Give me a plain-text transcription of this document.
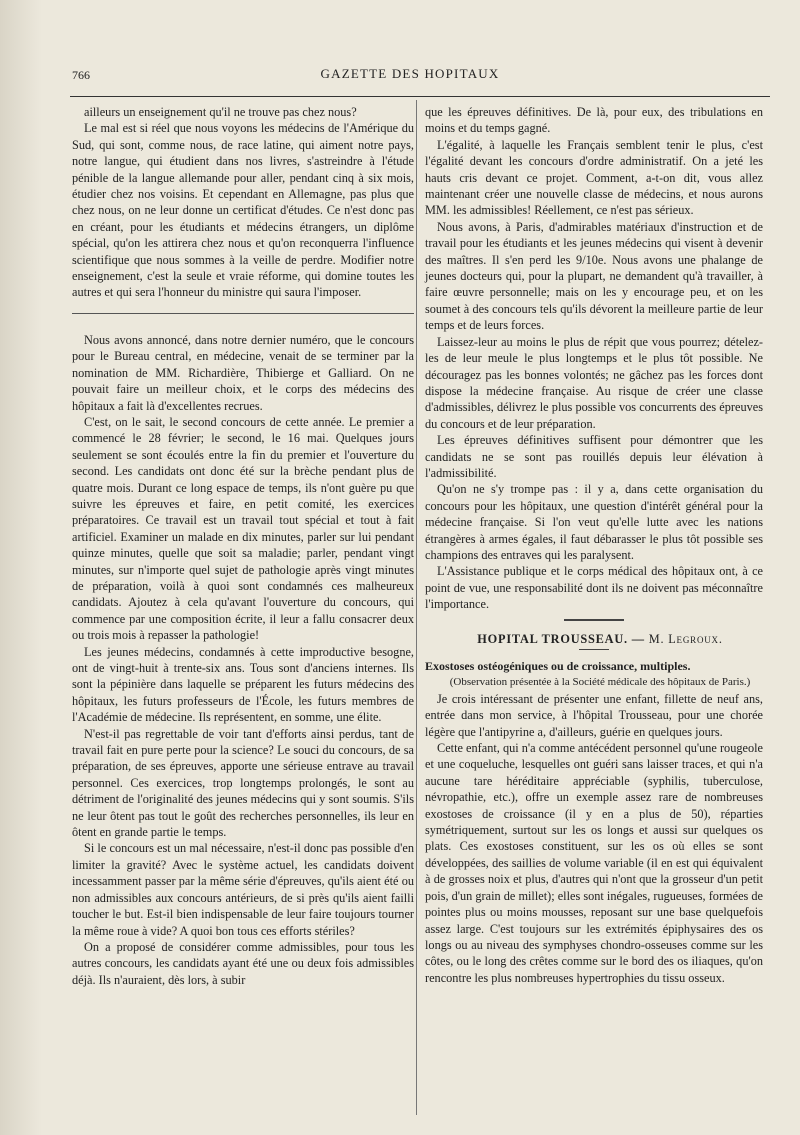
766	GAZETTE DES HOPITAUX

ailleurs un enseignement qu'il ne trouve pas chez nous?

Le mal est si réel que nous voyons les médecins de l'Amérique du Sud, qui sont, comme nous, de race latine, qui aiment notre pays, notre langue, qui étudient dans nos livres, s'astreindre à l'étude pénible de la langue allemande pour aller, pendant cinq à six mois, étudier chez nos voisins. Et cependant en Allemagne, pas plus que chez nous, on ne leur donne un certificat d'études. Ce n'est donc pas en créant, pour les étudiants et médecins étrangers, un diplôme spécial, qu'on les attirera chez nous et qu'on reconquerra l'influence scientifique que nous sommes à la veille de perdre. Modifier notre enseignement, c'est la seule et vraie réforme, qui domine toutes les autres et qui sera l'honneur du ministre qui saura l'imposer.

Nous avons annoncé, dans notre dernier numéro, que le concours pour le Bureau central, en médecine, venait de se terminer par la nomination de MM. Richardière, Thibierge et Galliard. On ne pouvait faire un meilleur choix, et le corps des médecins des hôpitaux a fait là d'excellentes recrues.

C'est, on le sait, le second concours de cette année. Le premier a commencé le 28 février; le second, le 16 mai. Quelques jours seulement se sont écoulés entre la fin du premier et l'ouverture du second. Les candidats ont donc été sur la brèche pendant plus de quatre mois. Durant ce long espace de temps, ils n'ont guère pu que suivre les épreuves et faire, en petit comité, les exercices préparatoires. Ce travail est un travail tout spécial et tout à fait artificiel. Examiner un malade en dix minutes, parler sur lui pendant quinze minutes, quelle que soit sa maladie; parler, pendant vingt minutes, sur n'importe quel sujet de pathologie après vingt minutes de préparation, voilà à quoi sont condamnés ces malheureux candidats. Ajoutez à cela qu'avant l'ouverture du concours, qui commence par une composition écrite, il leur a fallu consacrer deux ou trois mois à repasser la pathologie!

Les jeunes médecins, condamnés à cette improductive besogne, ont de vingt-huit à trente-six ans. Tous sont d'anciens internes. Ils sont la pépinière dans laquelle se préparent les futurs médecins des hôpitaux, les futurs professeurs de l'École, les futurs membres de l'Académie de médecine. Ils représentent, en somme, une élite.

N'est-il pas regrettable de voir tant d'efforts ainsi perdus, tant de travail fait en pure perte pour la science? Le souci du concours, de sa préparation, de ses épreuves, apporte une sérieuse entrave au travail personnel. Ces exercices, trop longtemps prolongés, le sont au détriment de l'originalité des jeunes médecins qui y sont soumis. S'ils ne leur ôtent pas tout le goût des recherches personnelles, ils leur en ôtent en grande partie le temps.

Si le concours est un mal nécessaire, n'est-il donc pas possible d'en limiter la gravité? Avec le système actuel, les candidats doivent incessamment passer par la même série d'épreuves, qu'ils aient été ou non admissibles aux concours antérieurs, de si près qu'ils aient failli toucher le but. Est-il bien indispensable de leur faire toujours tourner la même roue à vide? A quoi bon tous ces efforts stériles?

On a proposé de considérer comme admissibles, pour tous les autres concours, les candidats ayant été une ou deux fois admissibles déjà. Ils n'auraient, dès lors, à subir

que les épreuves définitives. De là, pour eux, des tribulations en moins et du temps gagné.

L'égalité, à laquelle les Français semblent tenir le plus, c'est l'égalité devant les concours d'ordre administratif. On a jeté les hauts cris devant ce projet. Comment, a-t-on dit, vous allez maintenant créer une nouvelle classe de médecins, et nous aurons MM. les admissibles! Réellement, ce n'est pas sérieux.

Nous avons, à Paris, d'admirables matériaux d'instruction et de travail pour les étudiants et les jeunes médecins qui visent à devenir des maîtres. Il s'en perd les 9/10e. Nous avons une phalange de jeunes docteurs qui, pour la plupart, ne demandent qu'à travailler, à faire œuvre personnelle; mais on les y encourage peu, et on les soumet à des concours tels qu'ils dévorent la meilleure partie de leur temps et de leurs forces.

Laissez-leur au moins le plus de répit que vous pourrez; dételez-les de leur meule le plus longtemps et le plus tôt possible. Ne découragez pas les bonnes volontés; ne gâchez pas les forces dont dispose la médecine française. Au risque de créer une classe d'admissibles, délivrez le plus possible vos concurrents des épreuves du concours et de leur préparation.

Les épreuves définitives suffisent pour démontrer que les candidats ne se sont pas rouillés depuis leur élévation à l'admissibilité.

Qu'on ne s'y trompe pas : il y a, dans cette organisation du concours pour les hôpitaux, une question d'intérêt général pour la médecine française. Si l'on veut qu'elle lutte avec les nations étrangères à armes égales, il faut débarasser le plus tôt possible ses champions des entraves qui les paralysent.

L'Assistance publique et le corps médical des hôpitaux ont, à ce point de vue, une responsabilité dont ils ne doivent pas méconnaître l'importance.

HOPITAL TROUSSEAU. — M. Legroux.

Exostoses ostéogéniques ou de croissance, multiples.

(Observation présentée à la Société médicale des hôpitaux de Paris.)

Je crois intéressant de présenter une enfant, fillette de neuf ans, entrée dans mon service, à l'hôpital Trousseau, pour une chorée légère que l'antipyrine a, d'ailleurs, guérie en quelques jours.

Cette enfant, qui n'a comme antécédent personnel qu'une rougeole et une coqueluche, lesquelles ont guéri sans laisser traces, et qui n'a aucune tare héréditaire appréciable (syphilis, tuberculose, névropathie, etc.), offre un exemple assez rare de nombreuses exostoses de croissance (il y en a plus de 50), réparties symétriquement, surtout sur les os longs et aussi sur quelques os plats. Ces exostoses constituent, sur les os où elles se sont développées, des saillies de volume variable (il en est qui équivalent à de grosses noix et plus, d'autres qui n'ont que la grosseur d'un petit pois, d'un grain de millet); elles sont inégales, rugueuses, formées de pointes plus ou moins mousses, reposant sur une base quelquefois assez large. C'est toujours sur les extrémités épiphysaires des os longs ou au niveau des symphyses chondro-osseuses comme sur les côtes, ou le long des crêtes comme sur le bord des os iliaques, qu'on rencontre les plus nombreuses hypertrophies du tissu osseux.
